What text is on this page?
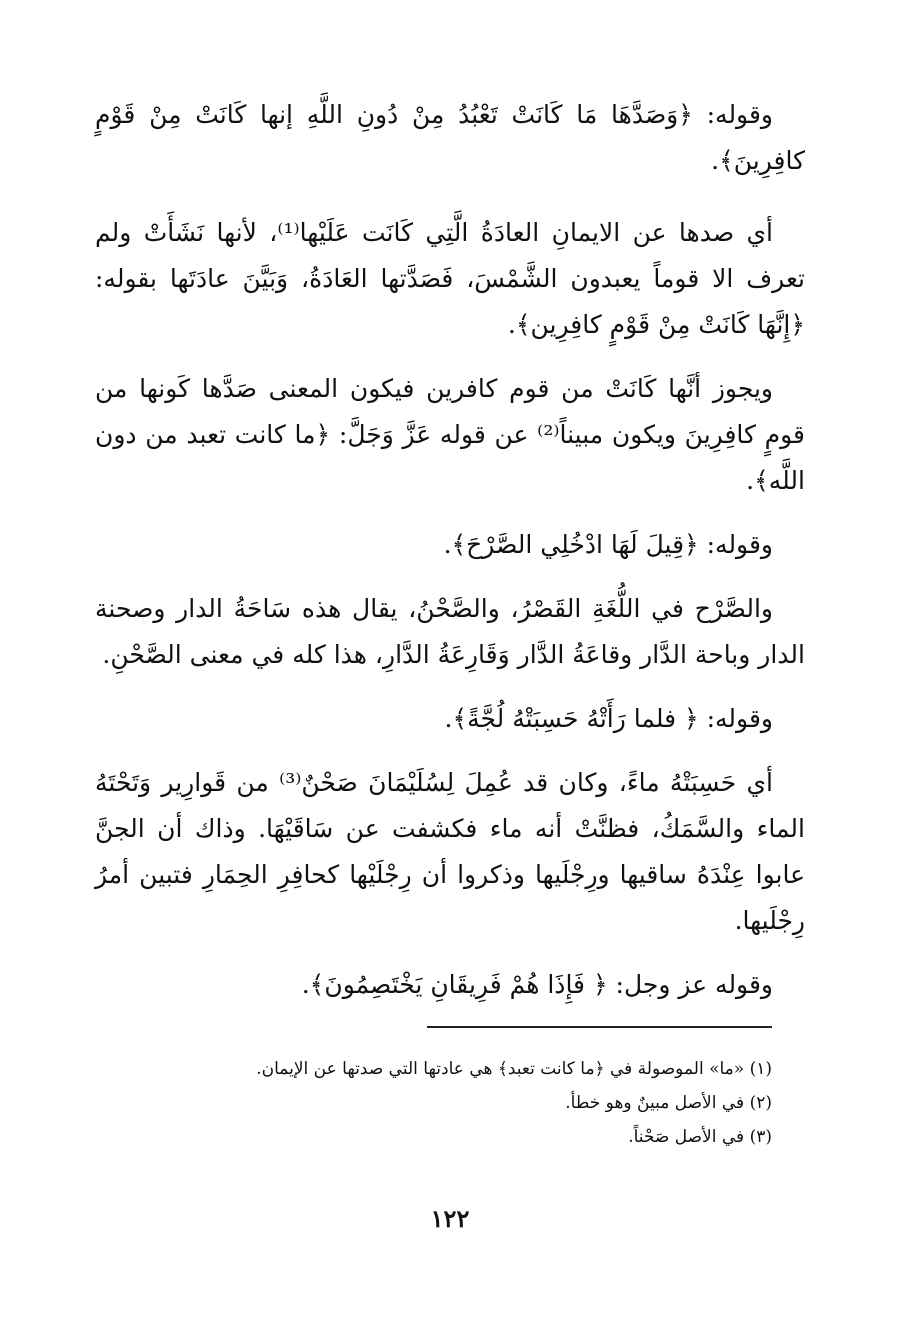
وقوله: ﴿وَصَدَّهَا مَا كَانَتْ تَعْبُدُ مِنْ دُونِ اللَّهِ إنها كَانَتْ مِنْ قَوْمٍ كافِرِينَ﴾.

أي صدها عن الايمانِ العادَةُ الَّتِي كَانَت عَلَيْها⁽¹⁾، لأنها نَشَأَتْ ولم تعرف الا قوماً يعبدون الشَّمْسَ، فَصَدَّتها العَادَةُ، وَبَيَّنَ عادَتَها بقوله: ﴿إِنَّهَا كَانَتْ مِنْ قَوْمٍ كافِرِين﴾.

ويجوز أنَّها كَانَتْ من قوم كافرين فيكون المعنى صَدَّها كَونها من قومٍ كافِرِينَ ويكون مبيناً⁽²⁾ عن قوله عَزَّ وَجَلَّ: ﴿ما كانت تعبد من دون اللَّه﴾.

وقوله: ﴿قِيلَ لَهَا ادْخُلِي الصَّرْحَ﴾.

والصَّرْح في اللُّغَةِ القَصْرُ، والصَّحْنُ، يقال هذه سَاحَةُ الدار وصحنة الدار وباحة الدَّار وقاعَةُ الدَّار وَقَارِعَةُ الدَّارِ، هذا كله في معنى الصَّحْنِ.

وقوله: ﴿ فلما رَأَتْهُ حَسِبَتْهُ لُجَّةً﴾.

أي حَسِبَتْهُ ماءً، وكان قد عُمِلَ لِسُلَيْمَانَ صَحْنٌ⁽³⁾ من قَوارِير وَتَحْتَهُ الماء والسَّمَكُ، فظنَّتْ أنه ماء فكشفت عن سَاقَيْهَا. وذاك أن الجنَّ عابوا عِنْدَهُ ساقيها ورِجْلَيها وذكروا أن رِجْلَيْها كحافِرِ الحِمَارِ فتبين أمرُ رِجْلَيها.

وقوله عز وجل: ﴿ فَإِذَا هُمْ فَرِيقَانِ يَخْتَصِمُونَ﴾.

(١) «ما» الموصولة في ﴿ما كانت تعبد﴾ هي عادتها التي صدتها عن الإيمان.

(٢) في الأصل مبينٌ وهو خطأ.

(٣) في الأصل صَحْناً.

١٢٢
